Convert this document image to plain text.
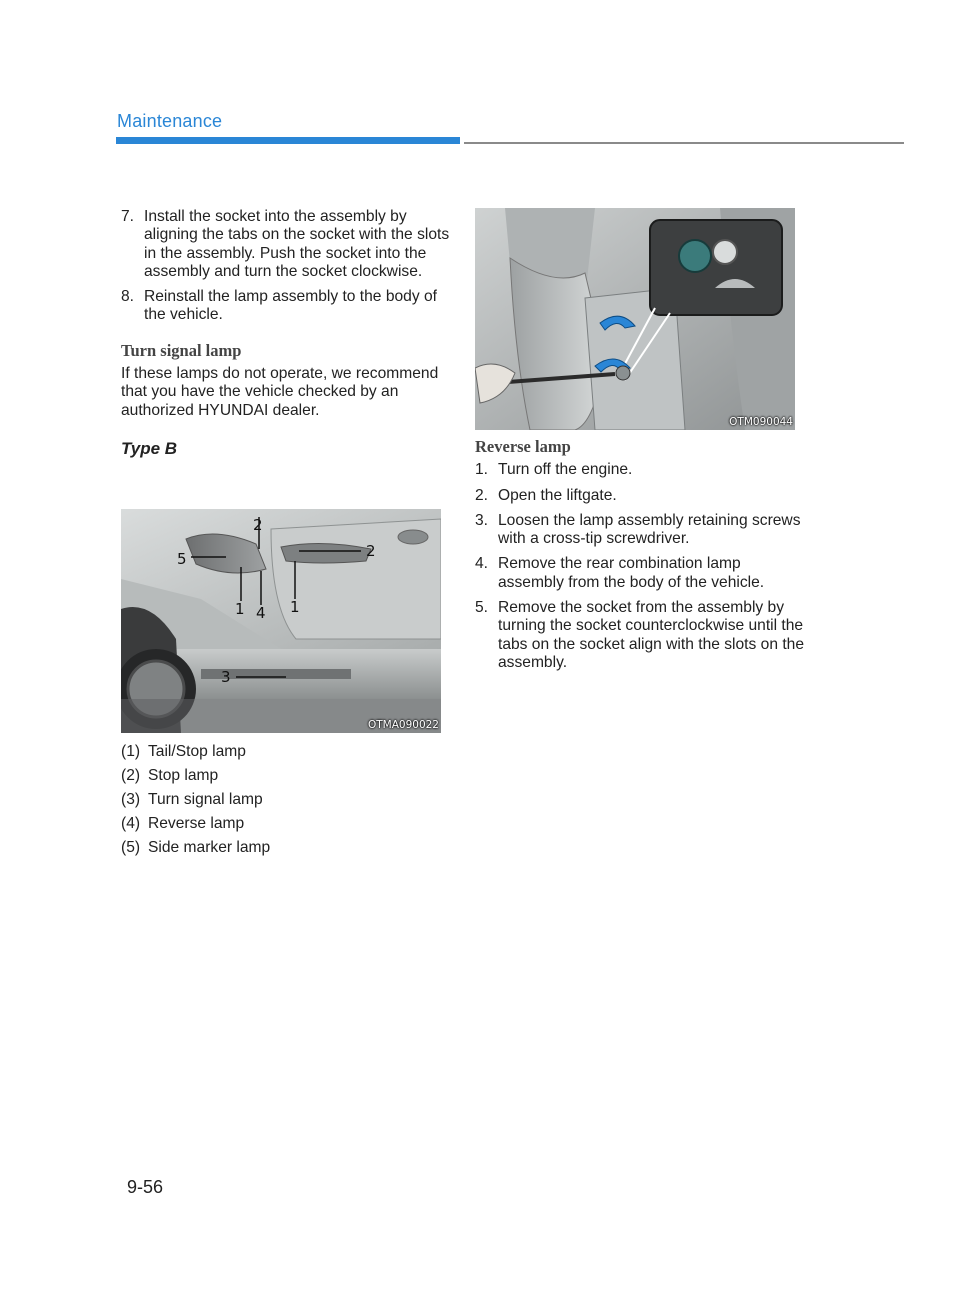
Maintenance
7. Install the socket into the assembly by aligning the tabs on the socket with the slots in the assembly. Push the socket into the assembly and turn the socket clockwise.
8. Reinstall the lamp assembly to the body of the vehicle.
Turn signal lamp

If these lamps do not operate, we recommend that you have the vehicle checked by an authorized HYUNDAI dealer.

Type B
2
5	2
1 4 1
3
OTMA090022
(1) Tail/Stop lamp
(2) Stop lamp
(3) Turn signal lamp
(4) Reverse lamp
(5) Side marker lamp
OTM090044
Reverse lamp
1. Turn off the engine.
2. Open the liftgate.
3. Loosen the lamp assembly retaining screws with a cross-tip screwdriver.
4. Remove the rear combination lamp assembly from the body of the vehicle.
5. Remove the socket from the assembly by turning the socket counterclockwise until the tabs on the socket align with the slots on the assembly.
9-56
